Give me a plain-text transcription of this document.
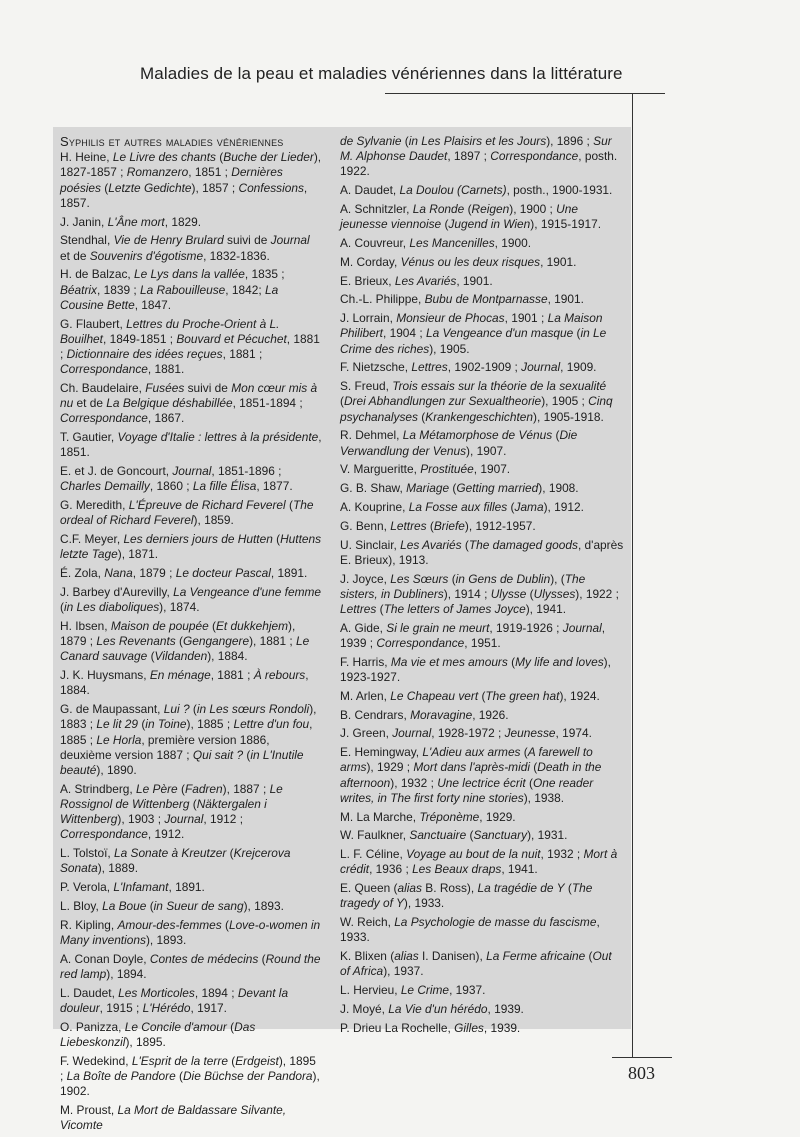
Maladies de la peau et maladies vénériennes dans la littérature
Syphilis et autres maladies vénériennes
H. Heine, Le Livre des chants (Buche der Lieder), 1827-1857 ; Romanzero, 1851 ; Dernières poésies (Letzte Gedichte), 1857 ; Confessions, 1857.
J. Janin, L'Âne mort, 1829.
Stendhal, Vie de Henry Brulard suivi de Journal et de Souvenirs d'égotisme, 1832-1836.
H. de Balzac, Le Lys dans la vallée, 1835 ; Béatrix, 1839 ; La Rabouilleuse, 1842; La Cousine Bette, 1847.
G. Flaubert, Lettres du Proche-Orient à L. Bouilhet, 1849-1851 ; Bouvard et Pécuchet, 1881 ; Dictionnaire des idées reçues, 1881 ; Correspondance, 1881.
Ch. Baudelaire, Fusées suivi de Mon cœur mis à nu et de La Belgique déshabillée, 1851-1894 ; Correspondance, 1867.
T. Gautier, Voyage d'Italie : lettres à la présidente, 1851.
E. et J. de Goncourt, Journal, 1851-1896 ; Charles Demailly, 1860 ; La fille Élisa, 1877.
G. Meredith, L'Épreuve de Richard Feverel (The ordeal of Richard Feverel), 1859.
C.F. Meyer, Les derniers jours de Hutten (Huttens letzte Tage), 1871.
É. Zola, Nana, 1879 ; Le docteur Pascal, 1891.
J. Barbey d'Aurevilly, La Vengeance d'une femme (in Les diaboliques), 1874.
H. Ibsen, Maison de poupée (Et dukkehjem), 1879 ; Les Revenants (Gengangere), 1881 ; Le Canard sauvage (Vildanden), 1884.
J. K. Huysmans, En ménage, 1881 ; À rebours, 1884.
G. de Maupassant, Lui ? (in Les sœurs Rondoli), 1883 ; Le lit 29 (in Toine), 1885 ; Lettre d'un fou, 1885 ; Le Horla, première version 1886, deuxième version 1887 ; Qui sait ? (in L'Inutile beauté), 1890.
A. Strindberg, Le Père (Fadren), 1887 ; Le Rossignol de Wittenberg (Näktergalen i Wittenberg), 1903 ; Journal, 1912 ; Correspondance, 1912.
L. Tolstoï, La Sonate à Kreutzer (Krejcerova Sonata), 1889.
P. Verola, L'Infamant, 1891.
L. Bloy, La Boue (in Sueur de sang), 1893.
R. Kipling, Amour-des-femmes (Love-o-women in Many inventions), 1893.
A. Conan Doyle, Contes de médecins (Round the red lamp), 1894.
L. Daudet, Les Morticoles, 1894 ; Devant la douleur, 1915 ; L'Hérédo, 1917.
O. Panizza, Le Concile d'amour (Das Liebeskonzil), 1895.
F. Wedekind, L'Esprit de la terre (Erdgeist), 1895 ; La Boîte de Pandore (Die Büchse der Pandora), 1902.
M. Proust, La Mort de Baldassare Silvante, Vicomte
de Sylvanie (in Les Plaisirs et les Jours), 1896 ; Sur M. Alphonse Daudet, 1897 ; Correspondance, posth. 1922.
A. Daudet, La Doulou (Carnets), posth., 1900-1931.
A. Schnitzler, La Ronde (Reigen), 1900 ; Une jeunesse viennoise (Jugend in Wien), 1915-1917.
A. Couvreur, Les Mancenilles, 1900.
M. Corday, Vénus ou les deux risques, 1901.
E. Brieux, Les Avariés, 1901.
Ch.-L. Philippe, Bubu de Montparnasse, 1901.
J. Lorrain, Monsieur de Phocas, 1901 ; La Maison Philibert, 1904 ; La Vengeance d'un masque (in Le Crime des riches), 1905.
F. Nietzsche, Lettres, 1902-1909 ; Journal, 1909.
S. Freud, Trois essais sur la théorie de la sexualité (Drei Abhandlungen zur Sexualtheorie), 1905 ; Cinq psychanalyses (Krankengeschichten), 1905-1918.
R. Dehmel, La Métamorphose de Vénus (Die Verwandlung der Venus), 1907.
V. Margueritte, Prostituée, 1907.
G. B. Shaw, Mariage (Getting married), 1908.
A. Kouprine, La Fosse aux filles (Jama), 1912.
G. Benn, Lettres (Briefe), 1912-1957.
U. Sinclair, Les Avariés (The damaged goods, d'après E. Brieux), 1913.
J. Joyce, Les Sœurs (in Gens de Dublin), (The sisters, in Dubliners), 1914 ; Ulysse (Ulysses), 1922 ; Lettres (The letters of James Joyce), 1941.
A. Gide, Si le grain ne meurt, 1919-1926 ; Journal, 1939 ; Correspondance, 1951.
F. Harris, Ma vie et mes amours (My life and loves), 1923-1927.
M. Arlen, Le Chapeau vert (The green hat), 1924.
B. Cendrars, Moravagine, 1926.
J. Green, Journal, 1928-1972 ; Jeunesse, 1974.
E. Hemingway, L'Adieu aux armes (A farewell to arms), 1929 ; Mort dans l'après-midi (Death in the afternoon), 1932 ; Une lectrice écrit (One reader writes, in The first forty nine stories), 1938.
M. La Marche, Tréponème, 1929.
W. Faulkner, Sanctuaire (Sanctuary), 1931.
L. F. Céline, Voyage au bout de la nuit, 1932 ; Mort à crédit, 1936 ; Les Beaux draps, 1941.
E. Queen (alias B. Ross), La tragédie de Y (The tragedy of Y), 1933.
W. Reich, La Psychologie de masse du fascisme, 1933.
K. Blixen (alias I. Danisen), La Ferme africaine (Out of Africa), 1937.
L. Hervieu, Le Crime, 1937.
J. Moyé, La Vie d'un hérédo, 1939.
P. Drieu La Rochelle, Gilles, 1939.
803
